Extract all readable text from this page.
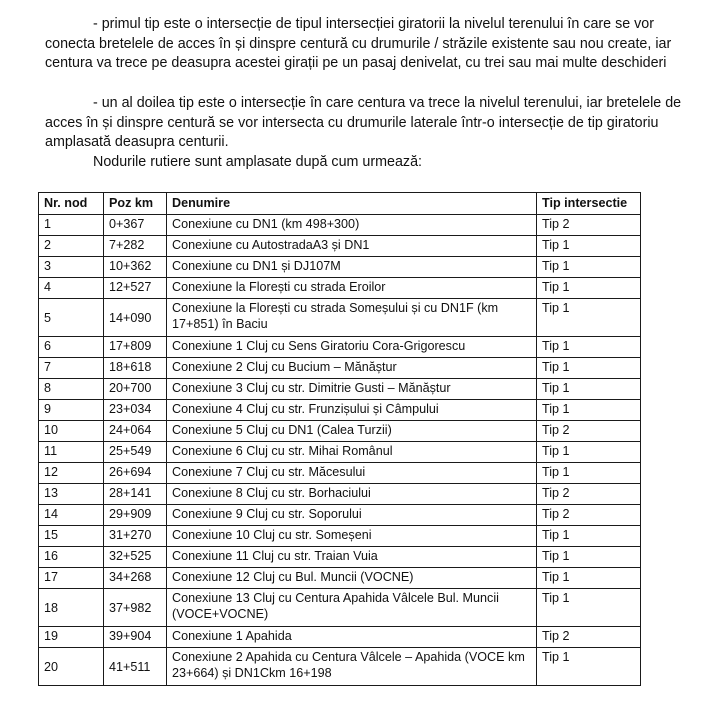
- primul tip este o intersecție de tipul intersecției giratorii la nivelul terenului în care se vor conecta bretelele de acces în și dinspre centură cu drumurile / străzile existente sau nou create, iar centura va trece pe deasupra acestei girații pe un pasaj denivelat, cu trei sau mai multe deschideri

- un al doilea tip este o intersecție în care centura va trece la nivelul terenului, iar bretelele de acces în și dinspre centură se vor intersecta cu drumurile laterale într-o intersecție de tip giratoriu amplasată deasupra centurii.

Nodurile rutiere sunt amplasate după cum urmează:

Nr. nod	Poz km	Denumire	Tip intersectie
1	0+367	Conexiune cu DN1 (km 498+300)	Tip 2
2	7+282	Conexiune cu AutostradaA3 și DN1	Tip 1
3	10+362	Conexiune cu DN1 și DJ107M	Tip 1
4	12+527	Conexiune la Florești cu strada Eroilor	Tip 1
5	14+090	Conexiune la Florești cu strada Someșului și cu DN1F (km 17+851) în Baciu	Tip 1
6	17+809	Conexiune 1 Cluj cu Sens Giratoriu Cora-Grigorescu	Tip 1
7	18+618	Conexiune 2 Cluj cu Bucium – Mănăștur	Tip 1
8	20+700	Conexiune 3 Cluj cu str. Dimitrie Gusti – Mănăștur	Tip 1
9	23+034	Conexiune 4 Cluj cu str. Frunzișului și Câmpului	Tip 1
10	24+064	Conexiune 5 Cluj cu DN1 (Calea Turzii)	Tip 2
11	25+549	Conexiune 6 Cluj cu str. Mihai Românul	Tip 1
12	26+694	Conexiune 7 Cluj cu str. Măcesului	Tip 1
13	28+141	Conexiune 8 Cluj cu str. Borhaciului	Tip 2
14	29+909	Conexiune 9 Cluj cu str. Soporului	Tip 2
15	31+270	Conexiune 10 Cluj cu str. Someșeni	Tip 1
16	32+525	Conexiune 11 Cluj cu str. Traian Vuia	Tip 1
17	34+268	Conexiune 12 Cluj cu Bul. Muncii (VOCNE)	Tip 1
18	37+982	Conexiune 13 Cluj cu Centura Apahida Vâlcele Bul. Muncii (VOCE+VOCNE)	Tip 1
19	39+904	Conexiune 1 Apahida	Tip 2
20	41+511	Conexiune 2 Apahida cu Centura Vâlcele – Apahida (VOCE km 23+664) și DN1Ckm 16+198	Tip 1
